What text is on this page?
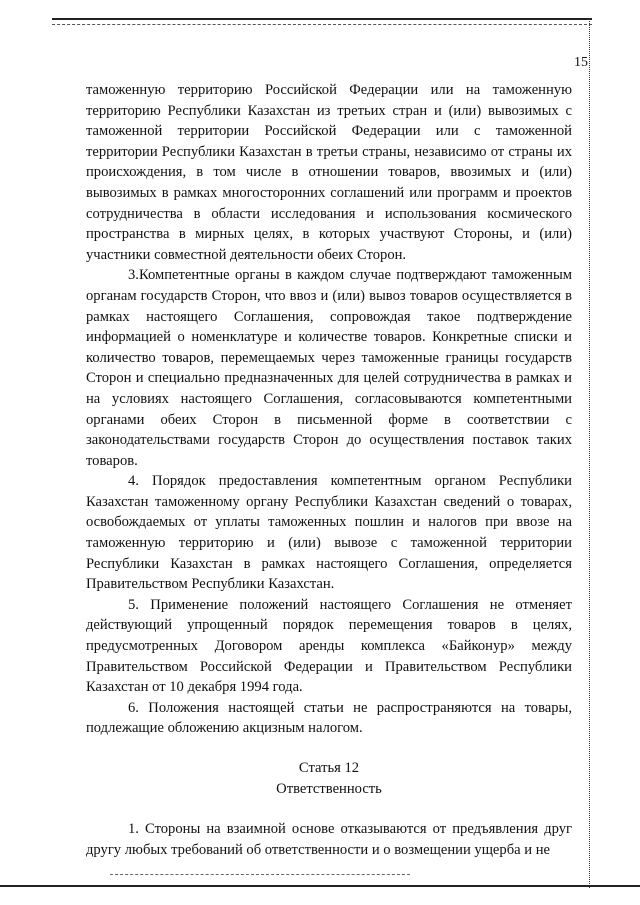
15

таможенную территорию Российской Федерации или на таможенную территорию Республики Казахстан из третьих стран и (или) вывозимых с таможенной территории Российской Федерации или с таможенной территории Республики Казахстан в третьи страны, независимо от страны их происхождения, в том числе в отношении товаров, ввозимых и (или) вывозимых в рамках многосторонних соглашений или программ и проектов сотрудничества в области исследования и использования космического пространства в мирных целях, в которых участвуют Стороны, и (или) участники совместной деятельности обеих Сторон.

3.Компетентные органы в каждом случае подтверждают таможенным органам государств Сторон, что ввоз и (или) вывоз товаров осуществляется в рамках настоящего Соглашения, сопровождая такое подтверждение информацией о номенклатуре и количестве товаров. Конкретные списки и количество товаров, перемещаемых через таможенные границы государств Сторон и специально предназначенных для целей сотрудничества в рамках и на условиях настоящего Соглашения, согласовываются компетентными органами обеих Сторон в письменной форме в соответствии с законодательствами государств Сторон до осуществления поставок таких товаров.

4. Порядок предоставления компетентным органом Республики Казахстан таможенному органу Республики Казахстан сведений о товарах, освобождаемых от уплаты таможенных пошлин и налогов при ввозе на таможенную территорию и (или) вывозе с таможенной территории Республики Казахстан в рамках настоящего Соглашения, определяется Правительством Республики Казахстан.

5. Применение положений настоящего Соглашения не отменяет действующий упрощенный порядок перемещения товаров в целях, предусмотренных Договором аренды комплекса «Байконур» между Правительством Российской Федерации и Правительством Республики Казахстан от 10 декабря 1994 года.

6. Положения настоящей статьи не распространяются на товары, подлежащие обложению акцизным налогом.

Статья 12

Ответственность

1. Стороны на взаимной основе отказываются от предъявления друг другу любых требований об ответственности и о возмещении ущерба и не
